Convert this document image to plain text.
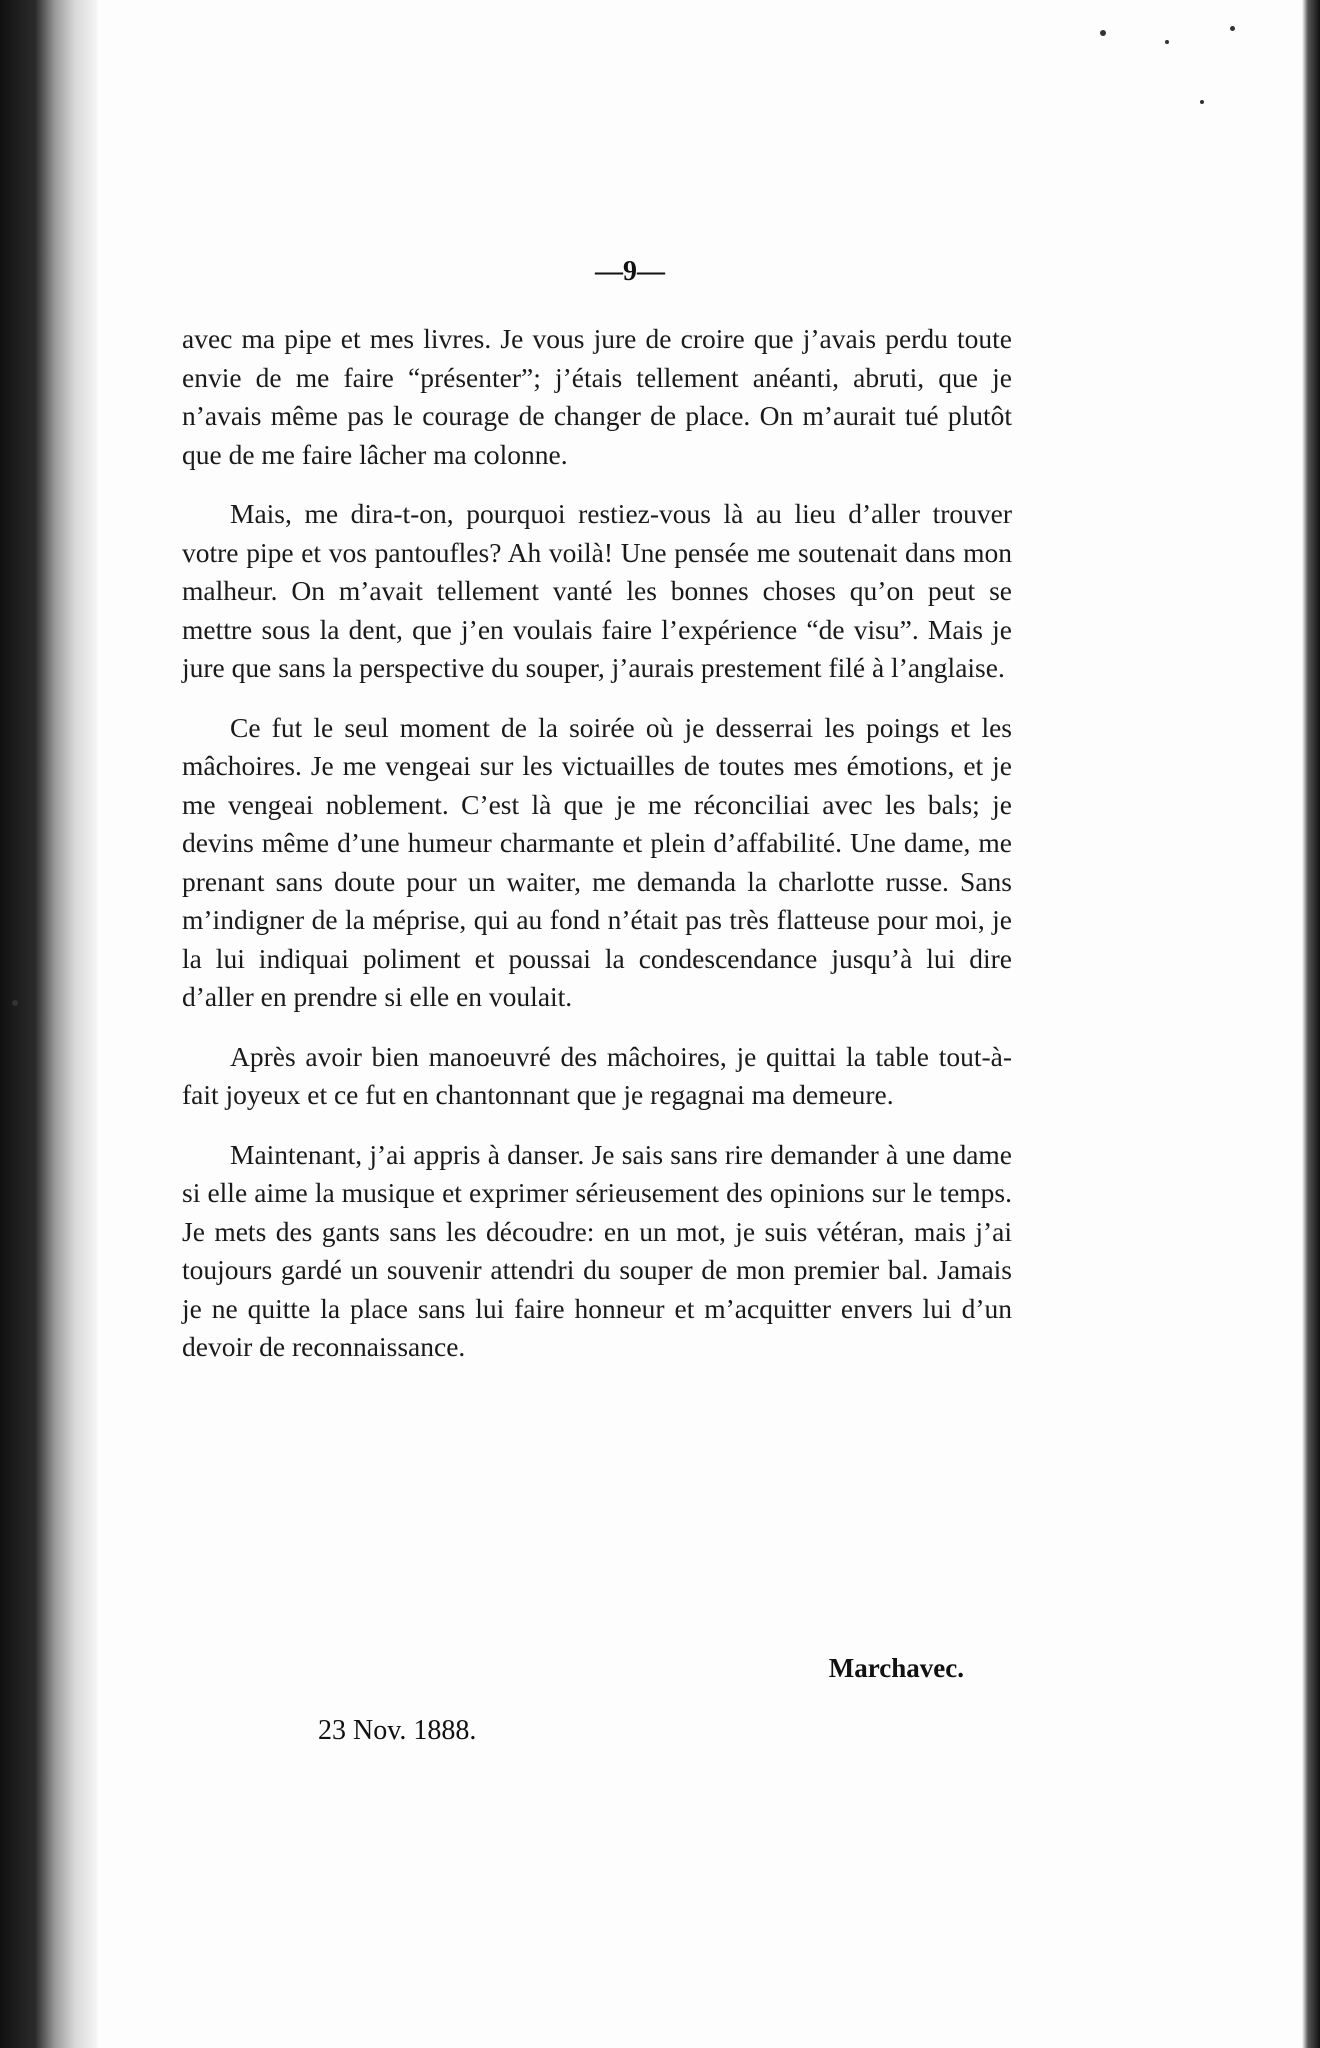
—9—

avec ma pipe et mes livres. Je vous jure de croire que j’avais perdu toute envie de me faire “présenter”; j’étais tellement anéanti, abruti, que je n’avais même pas le courage de changer de place. On m’aurait tué plutôt que de me faire lâcher ma colonne.

Mais, me dira-t-on, pourquoi restiez-vous là au lieu d’aller trouver votre pipe et vos pantoufles? Ah voilà! Une pensée me soutenait dans mon malheur. On m’avait tellement vanté les bonnes choses qu’on peut se mettre sous la dent, que j’en voulais faire l’expérience “de visu”. Mais je jure que sans la perspective du souper, j’aurais prestement filé à l’anglaise.

Ce fut le seul moment de la soirée où je desserrai les poings et les mâchoires. Je me vengeai sur les victuailles de toutes mes émotions, et je me vengeai noblement. C’est là que je me réconciliai avec les bals; je devins même d’une humeur charmante et plein d’affabilité. Une dame, me prenant sans doute pour un waiter, me demanda la charlotte russe. Sans m’indigner de la méprise, qui au fond n’était pas très flatteuse pour moi, je la lui indiquai poliment et poussai la condescendance jusqu’à lui dire d’aller en prendre si elle en voulait.

Après avoir bien manoeuvré des mâchoires, je quittai la table tout-à-fait joyeux et ce fut en chantonnant que je regagnai ma demeure.

Maintenant, j’ai appris à danser. Je sais sans rire demander à une dame si elle aime la musique et exprimer sérieusement des opinions sur le temps. Je mets des gants sans les découdre: en un mot, je suis vétéran, mais j’ai toujours gardé un souvenir attendri du souper de mon premier bal. Jamais je ne quitte la place sans lui faire honneur et m’acquitter envers lui d’un devoir de reconnaissance.

Marchavec.
23 Nov. 1888.
